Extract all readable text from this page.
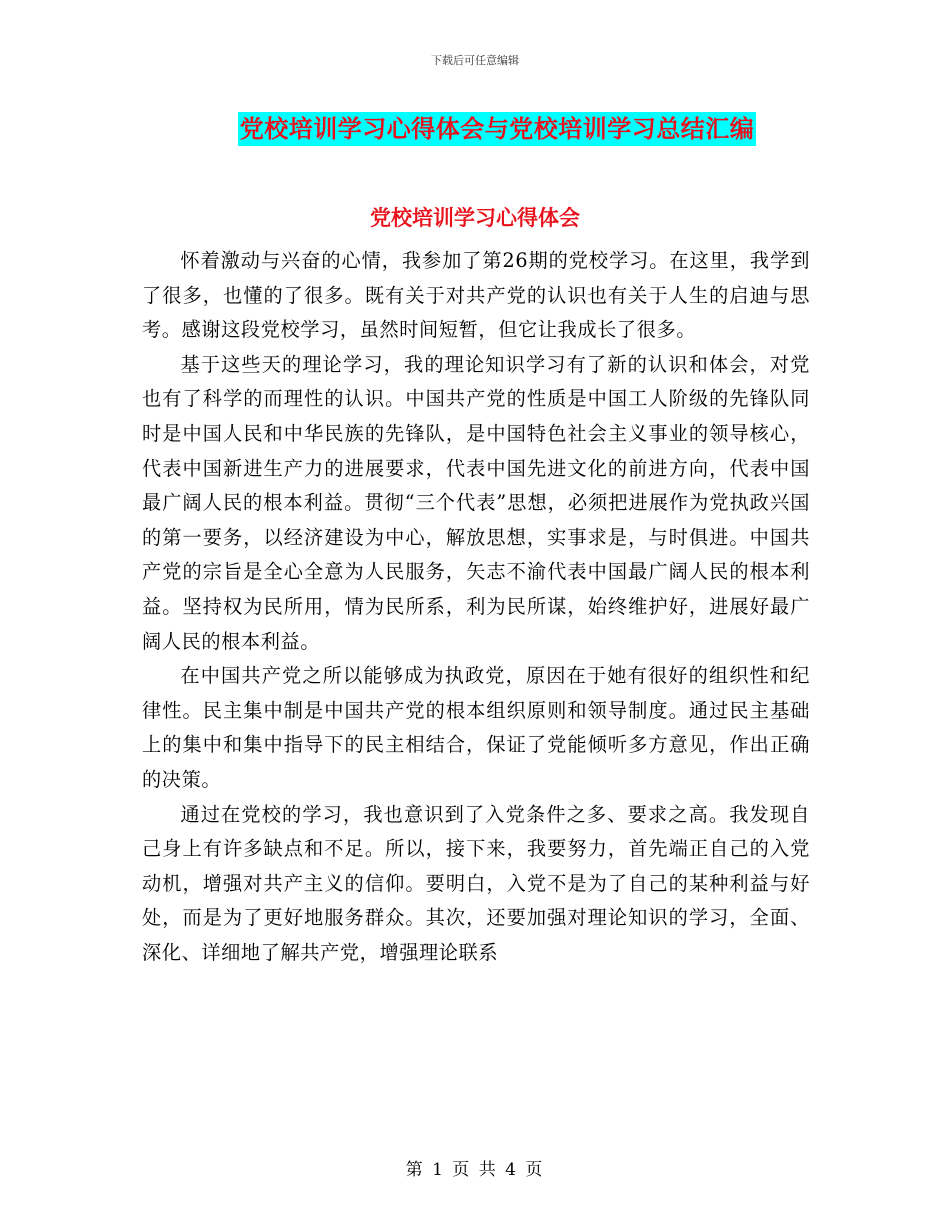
下载后可任意编辑
党校培训学习心得体会与党校培训学习总结汇编
党校培训学习心得体会

怀着激动与兴奋的心情，我参加了第26期的党校学习。在这里，我学到了很多，也懂的了很多。既有关于对共产党的认识也有关于人生的启迪与思考。感谢这段党校学习，虽然时间短暂，但它让我成长了很多。

基于这些天的理论学习，我的理论知识学习有了新的认识和体会，对党也有了科学的而理性的认识。中国共产党的性质是中国工人阶级的先锋队同时是中国人民和中华民族的先锋队，是中国特色社会主义事业的领导核心，代表中国新进生产力的进展要求，代表中国先进文化的前进方向，代表中国最广阔人民的根本利益。贯彻“三个代表”思想，必须把进展作为党执政兴国的第一要务，以经济建设为中心，解放思想，实事求是，与时俱进。中国共产党的宗旨是全心全意为人民服务，矢志不渝代表中国最广阔人民的根本利益。坚持权为民所用，情为民所系，利为民所谋，始终维护好，进展好最广阔人民的根本利益。

在中国共产党之所以能够成为执政党，原因在于她有很好的组织性和纪律性。民主集中制是中国共产党的根本组织原则和领导制度。通过民主基础上的集中和集中指导下的民主相结合，保证了党能倾听多方意见，作出正确的决策。

通过在党校的学习，我也意识到了入党条件之多、要求之高。我发现自己身上有许多缺点和不足。所以，接下来，我要努力，首先端正自己的入党动机，增强对共产主义的信仰。要明白，入党不是为了自己的某种利益与好处，而是为了更好地服务群众。其次，还要加强对理论知识的学习，全面、深化、详细地了解共产党，增强理论联系

第 1 页 共 4 页
